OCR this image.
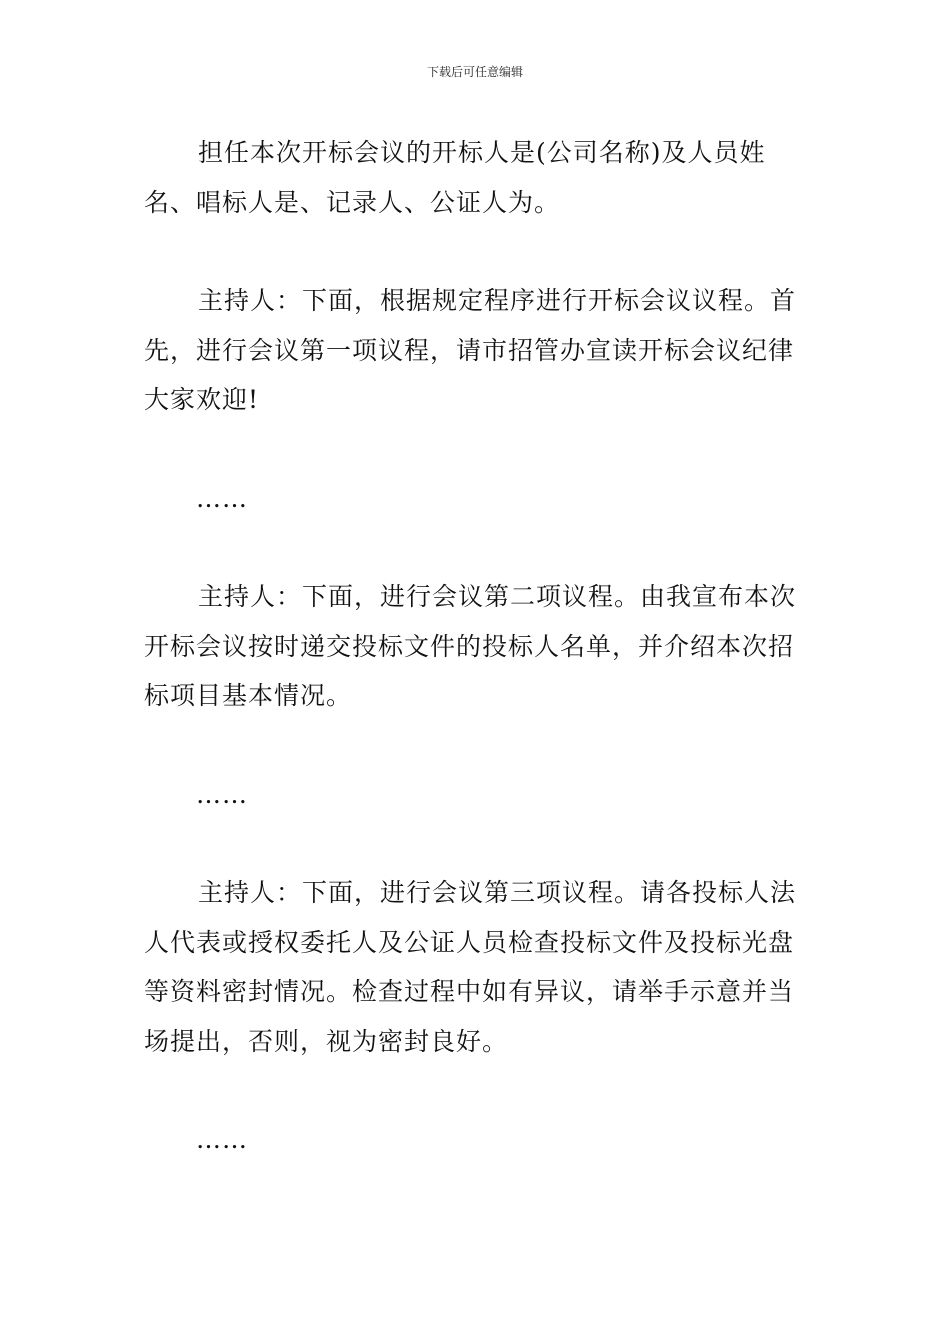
下载后可任意编辑

担任本次开标会议的开标人是(公司名称)及人员姓名、唱标人是、记录人、公证人为。

主持人：下面，根据规定程序进行开标会议议程。首先，进行会议第一项议程，请市招管办宣读开标会议纪律大家欢迎!

……

主持人：下面，进行会议第二项议程。由我宣布本次开标会议按时递交投标文件的投标人名单，并介绍本次招标项目基本情况。

……

主持人：下面，进行会议第三项议程。请各投标人法人代表或授权委托人及公证人员检查投标文件及投标光盘等资料密封情况。检查过程中如有异议，请举手示意并当场提出，否则，视为密封良好。

……
